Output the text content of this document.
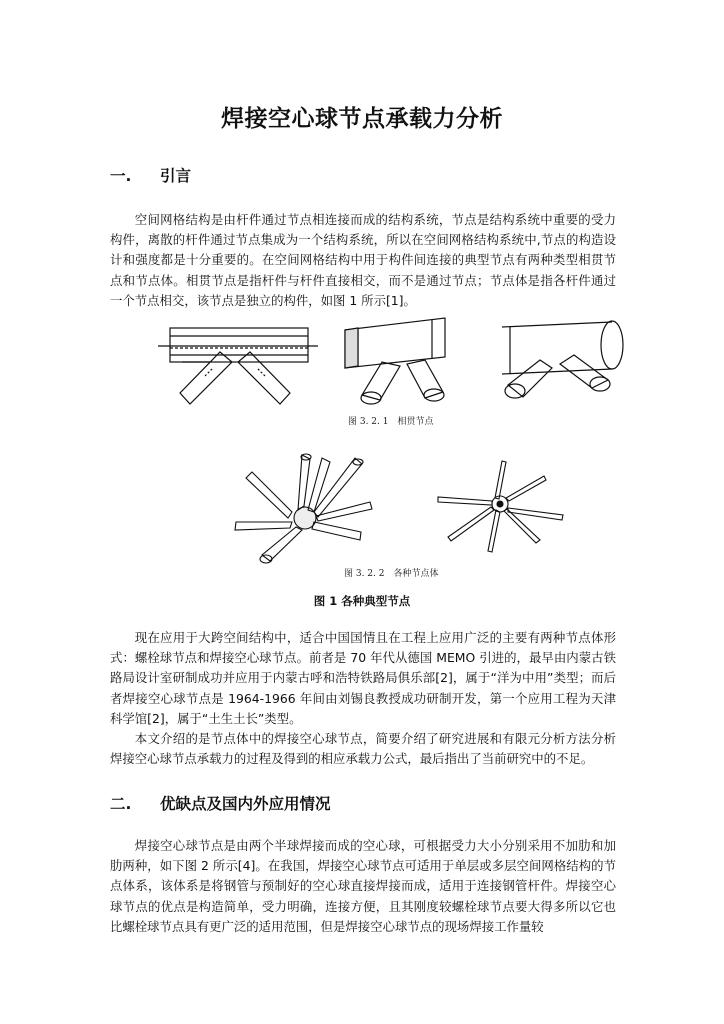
焊接空心球节点承载力分析
一. 引言

空间网格结构是由杆件通过节点相连接而成的结构系统，节点是结构系统中重要的受力构件，离散的杆件通过节点集成为一个结构系统，所以在空间网格结构系统中,节点的构造设计和强度都是十分重要的。在空间网格结构中用于构件间连接的典型节点有两种类型相贯节点和节点体。相贯节点是指杆件与杆件直接相交，而不是通过节点；节点体是指各杆件通过一个节点相交，该节点是独立的构件，如图 1 所示[1]。

图 3. 2. 1　相贯节点
图 3. 2. 2　各种节点体
图 1 各种典型节点

现在应用于大跨空间结构中，适合中国国情且在工程上应用广泛的主要有两种节点体形式：螺栓球节点和焊接空心球节点。前者是 70 年代从德国 MEMO 引进的，最早由内蒙古铁路局设计室研制成功并应用于内蒙古呼和浩特铁路局俱乐部[2]，属于“洋为中用”类型；而后者焊接空心球节点是 1964-1966 年间由刘锡良教授成功研制开发，第一个应用工程为天津科学馆[2]，属于“土生土长”类型。

本文介绍的是节点体中的焊接空心球节点，简要介绍了研究进展和有限元分析方法分析焊接空心球节点承载力的过程及得到的相应承载力公式，最后指出了当前研究中的不足。

二. 优缺点及国内外应用情况

焊接空心球节点是由两个半球焊接而成的空心球，可根据受力大小分别采用不加肋和加肋两种，如下图 2 所示[4]。在我国，焊接空心球节点可适用于单层或多层空间网格结构的节点体系，该体系是将钢管与预制好的空心球直接焊接而成，适用于连接钢管杆件。焊接空心球节点的优点是构造简单，受力明确，连接方便，且其刚度较螺栓球节点要大得多所以它也比螺栓球节点具有更广泛的适用范围，但是焊接空心球节点的现场焊接工作量较
